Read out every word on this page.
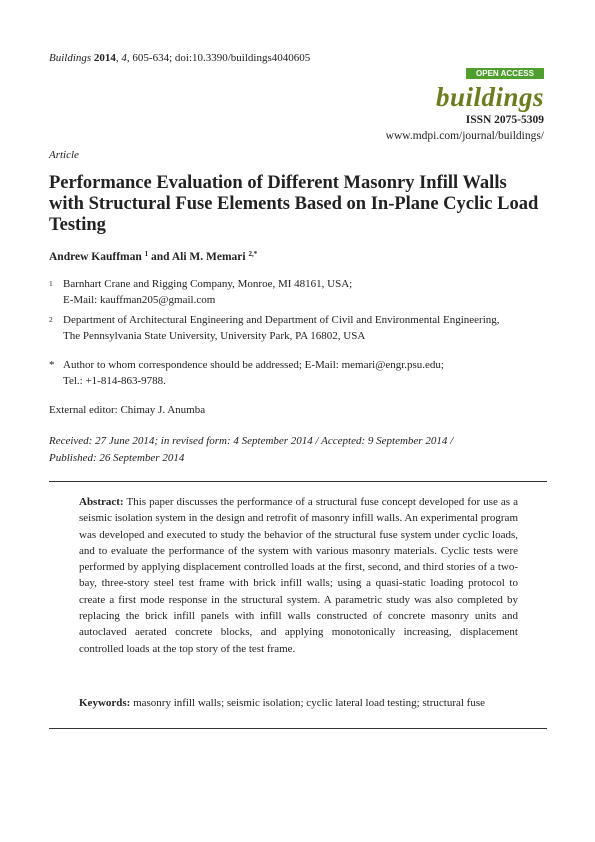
Buildings 2014, 4, 605-634; doi:10.3390/buildings4040605
OPEN ACCESS
buildings
ISSN 2075-5309
www.mdpi.com/journal/buildings/
Article
Performance Evaluation of Different Masonry Infill Walls with Structural Fuse Elements Based on In-Plane Cyclic Load Testing
Andrew Kauffman $^1$ and Ali M. Memari $^{2,*}$
1 Barnhart Crane and Rigging Company, Monroe, MI 48161, USA;
E-Mail: kauffman205@gmail.com
2 Department of Architectural Engineering and Department of Civil and Environmental Engineering,
The Pennsylvania State University, University Park, PA 16802, USA
* Author to whom correspondence should be addressed; E-Mail: memari@engr.psu.edu;
Tel.: +1-814-863-9788.
External editor: Chimay J. Anumba
Received: 27 June 2014; in revised form: 4 September 2014 / Accepted: 9 September 2014 /
Published: 26 September 2014

Abstract: This paper discusses the performance of a structural fuse concept developed for use as a seismic isolation system in the design and retrofit of masonry infill walls. An experimental program was developed and executed to study the behavior of the structural fuse system under cyclic loads, and to evaluate the performance of the system with various masonry materials. Cyclic tests were performed by applying displacement controlled loads at the first, second, and third stories of a two-bay, three-story steel test frame with brick infill walls; using a quasi-static loading protocol to create a first mode response in the structural system. A parametric study was also completed by replacing the brick infill panels with infill walls constructed of concrete masonry units and autoclaved aerated concrete blocks, and applying monotonically increasing, displacement controlled loads at the top story of the test frame.

Keywords: masonry infill walls; seismic isolation; cyclic lateral load testing; structural fuse
